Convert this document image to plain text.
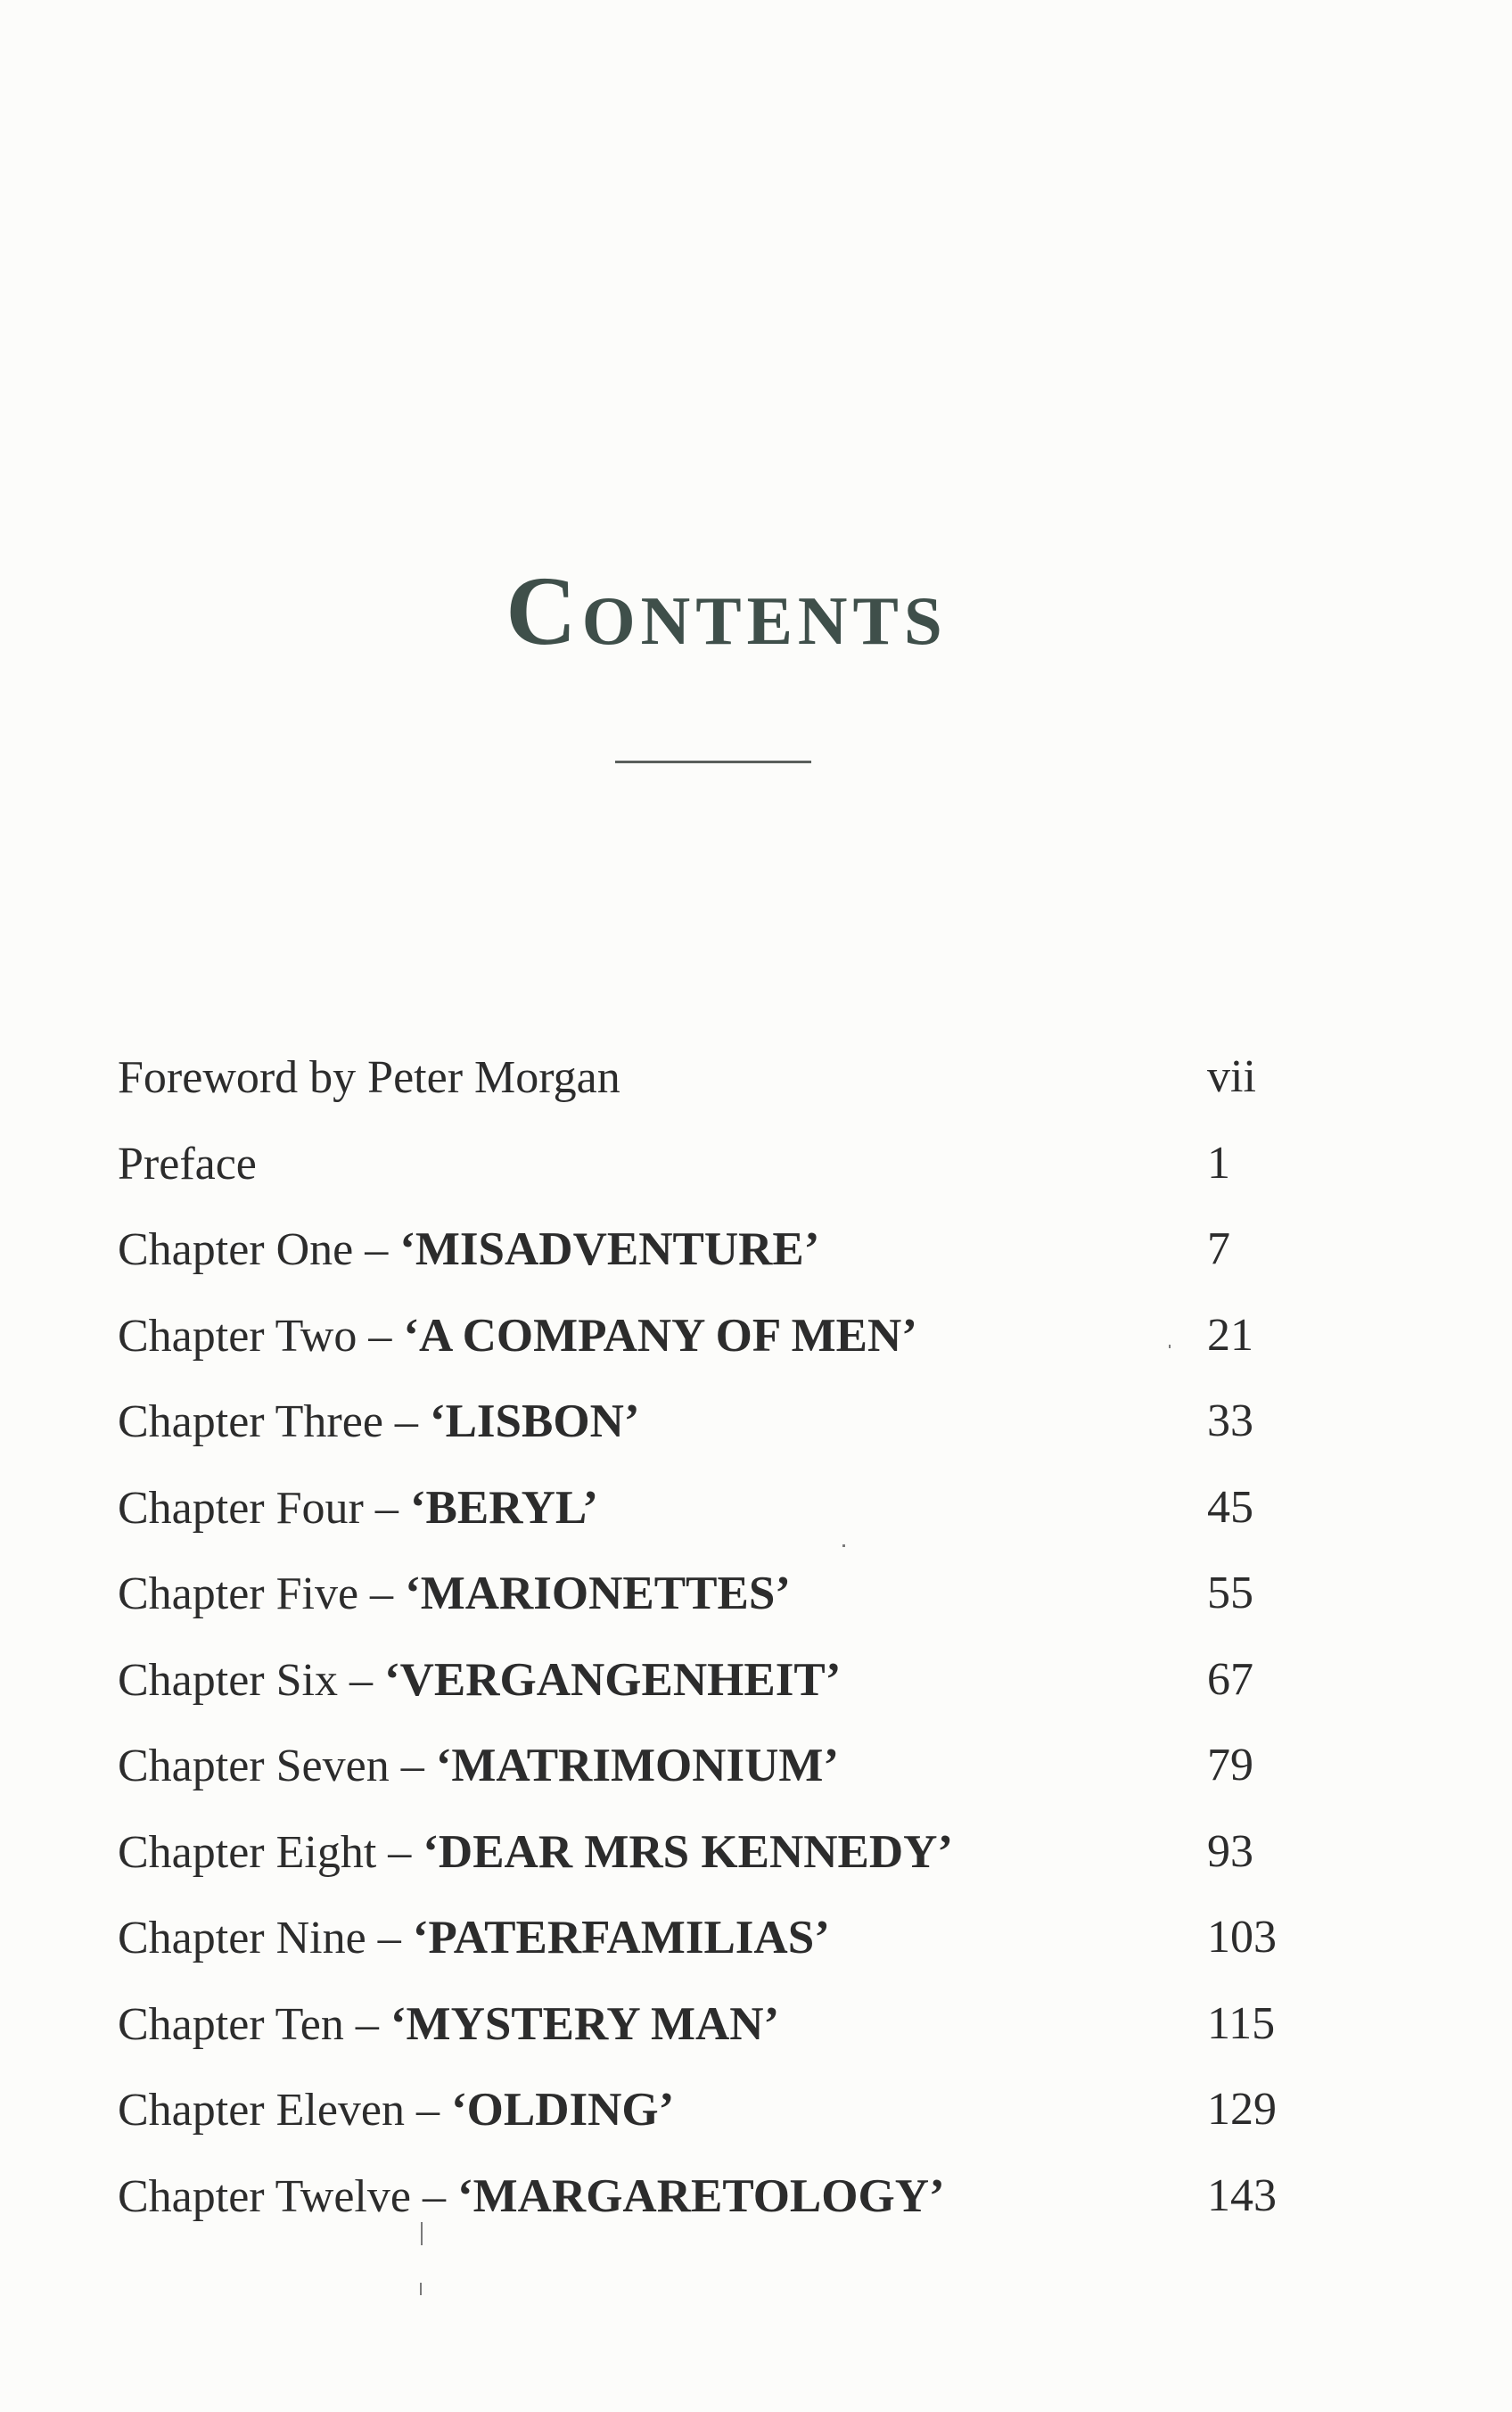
Contents
Foreword by Peter Morgan	vii
Preface	1
Chapter One – ‘MISADVENTURE’	7
Chapter Two – ‘A COMPANY OF MEN’	21
Chapter Three – ‘LISBON’	33
Chapter Four – ‘BERYL’	45
Chapter Five – ‘MARIONETTES’	55
Chapter Six – ‘VERGANGENHEIT’	67
Chapter Seven – ‘MATRIMONIUM’	79
Chapter Eight – ‘DEAR MRS KENNEDY’	93
Chapter Nine – ‘PATERFAMILIAS’	103
Chapter Ten – ‘MYSTERY MAN’	115
Chapter Eleven – ‘OLDING’	129
Chapter Twelve – ‘MARGARETOLOGY’	143
